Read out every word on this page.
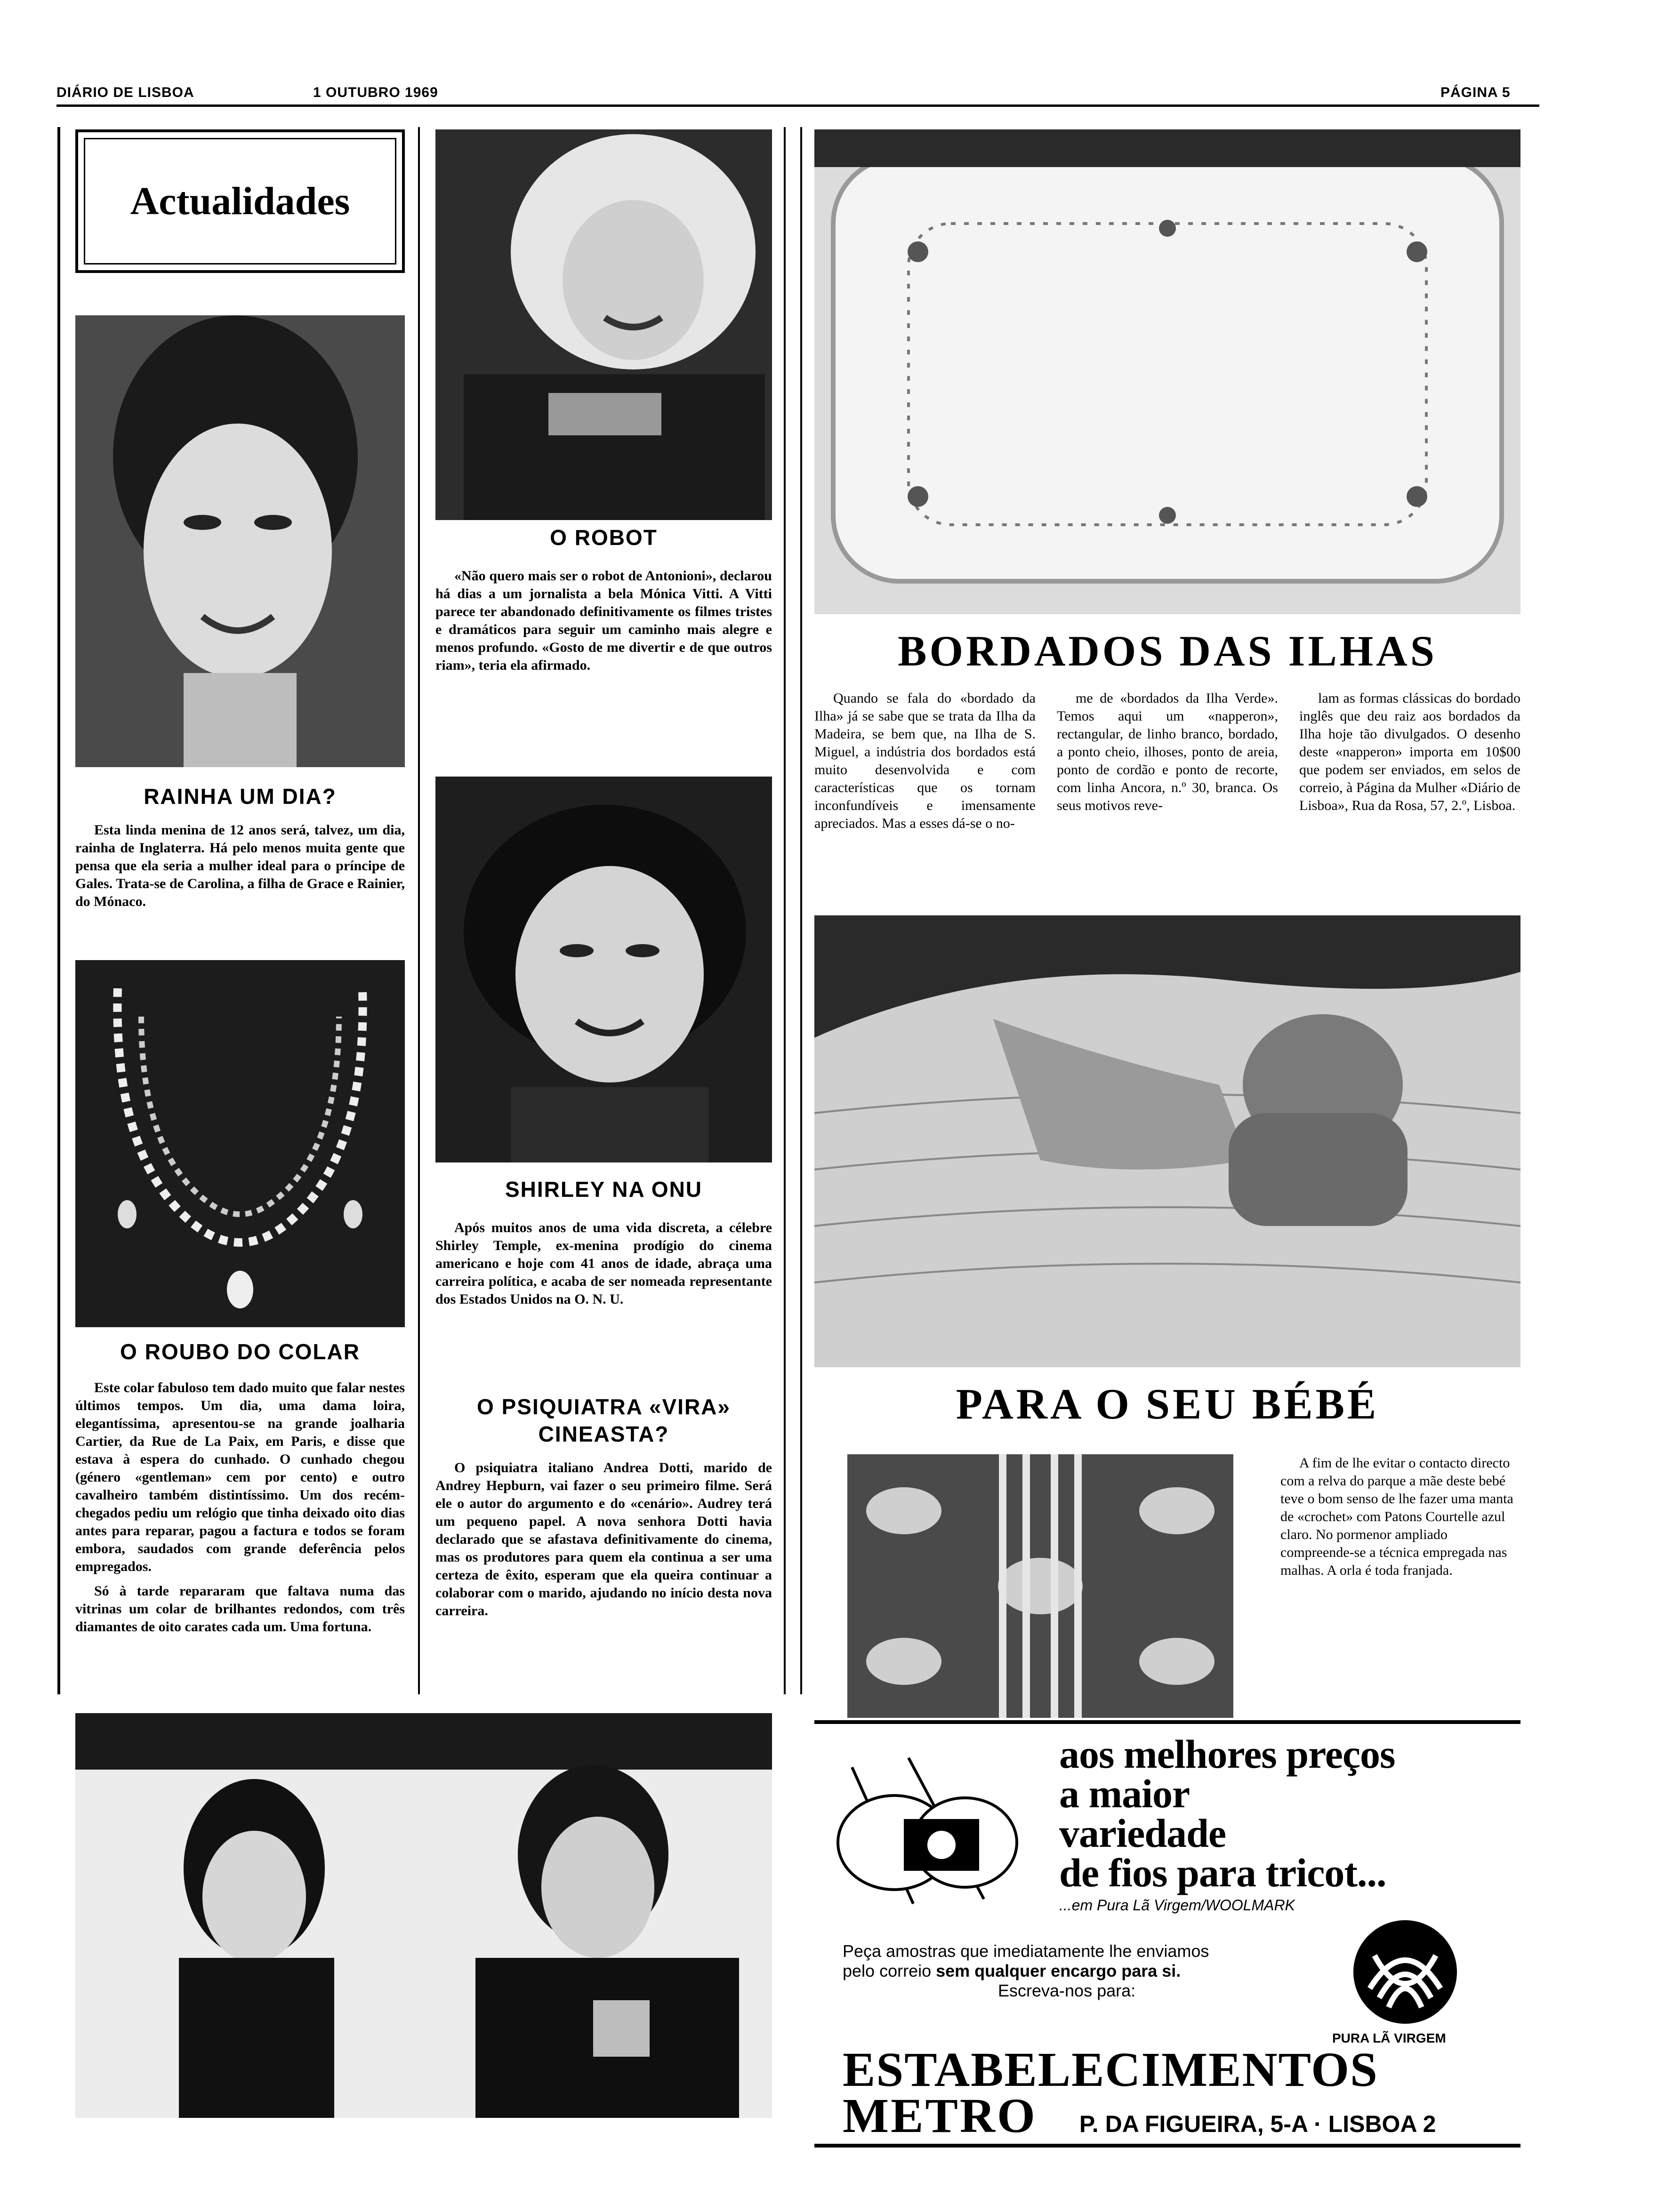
DIÁRIO DE LISBOA	1 OUTUBRO 1969	PÁGINA 5
Actualidades
RAINHA UM DIA?

Esta linda menina de 12 anos será, talvez, um dia, rainha de Inglaterra. Há pelo menos muita gente que pensa que ela seria a mulher ideal para o príncipe de Gales. Trata-se de Carolina, a filha de Grace e Rainier, do Mónaco.

O ROUBO DO COLAR

Este colar fabuloso tem dado muito que falar nestes últimos tempos. Um dia, uma dama loira, elegantíssima, apresentou-se na grande joalharia Cartier, da Rue de La Paix, em Paris, e disse que estava à espera do cunhado. O cunhado chegou (género «gentleman» cem por cento) e outro cavalheiro também distintíssimo. Um dos recém-chegados pediu um relógio que tinha deixado oito dias antes para reparar, pagou a factura e todos se foram embora, saudados com grande deferência pelos empregados.

Só à tarde repararam que faltava numa das vitrinas um colar de brilhantes redondos, com três diamantes de oito carates cada um. Uma fortuna.

O ROBOT

«Não quero mais ser o robot de Antonioni», declarou há dias a um jornalista a bela Mónica Vitti. A Vitti parece ter abandonado definitivamente os filmes tristes e dramáticos para seguir um caminho mais alegre e menos profundo. «Gosto de me divertir e de que outros riam», teria ela afirmado.

SHIRLEY NA ONU

Após muitos anos de uma vida discreta, a célebre Shirley Temple, ex-menina prodígio do cinema americano e hoje com 41 anos de idade, abraça uma carreira política, e acaba de ser nomeada representante dos Estados Unidos na O. N. U.

O PSIQUIATRA «VIRA»
CINEASTA?

O psiquiatra italiano Andrea Dotti, marido de Andrey Hepburn, vai fazer o seu primeiro filme. Será ele o autor do argumento e do «cenário». Audrey terá um pequeno papel. A nova senhora Dotti havia declarado que se afastava definitivamente do cinema, mas os produtores para quem ela continua a ser uma certeza de êxito, esperam que ela queira continuar a colaborar com o marido, ajudando no início desta nova carreira.

BORDADOS DAS ILHAS

Quando se fala do «bordado da Ilha» já se sabe que se trata da Ilha da Madeira, se bem que, na Ilha de S. Miguel, a indústria dos bordados está muito desenvolvida e com características que os tornam inconfundíveis e imensamente apreciados. Mas a esses dá-se o no-

me de «bordados da Ilha Verde». Temos aqui um «napperon», rectangular, de linho branco, bordado, a ponto cheio, ilhoses, ponto de areia, ponto de cordão e ponto de recorte, com linha Ancora, n.º 30, branca. Os seus motivos reve-

lam as formas clássicas do bordado inglês que deu raiz aos bordados da Ilha hoje tão divulgados. O desenho deste «napperon» importa em 10$00 que podem ser enviados, em selos de correio, à Página da Mulher «Diário de Lisboa», Rua da Rosa, 57, 2.º, Lisboa.

PARA O SEU BÉBÉ

A fim de lhe evitar o contacto directo com a relva do parque a mãe deste bebé teve o bom senso de lhe fazer uma manta de «crochet» com Patons Courtelle azul claro. No pormenor ampliado compreende-se a técnica empregada nas malhas. A orla é toda franjada.

aos melhores preços
a maior
variedade
de fios para tricot...
...em Pura Lã Virgem/WOOLMARK
PURA LÃ VIRGEM
Peça amostras que imediatamente lhe enviamos
pelo correio sem qualquer encargo para si.
Escreva-nos para:
ESTABELECIMENTOS
METRO P. DA FIGUEIRA, 5-A · LISBOA 2
